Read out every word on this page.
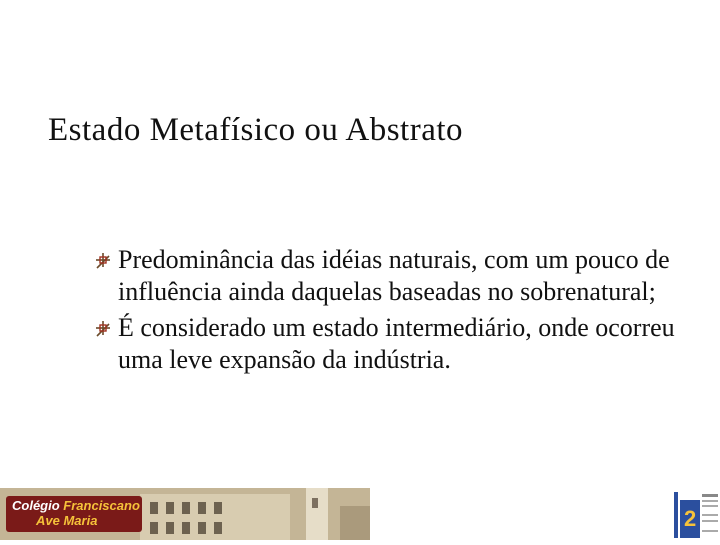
Estado Metafísico ou Abstrato
Predominância das idéias naturais, com um pouco de influência ainda daquelas baseadas no sobrenatural;
É considerado um estado intermediário, onde ocorreu uma leve expansão da indústria.
Colégio Franciscano
Ave Maria	2
